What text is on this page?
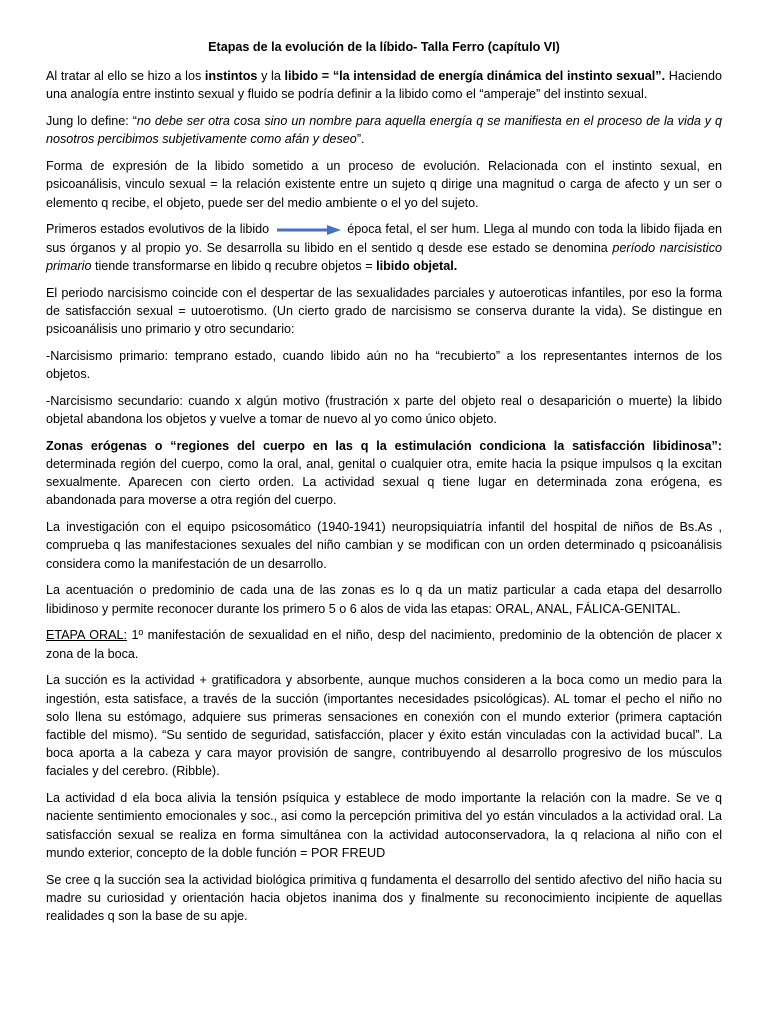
Etapas de la evolución de la líbido- Talla Ferro (capítulo VI)

Al tratar al ello se hizo a los instintos y la libido = “la intensidad de energía dinámica del instinto sexual”. Haciendo una analogía entre instinto sexual y fluido se podría definir a la libido como el “amperaje” del instinto sexual.

Jung lo define: “no debe ser otra cosa sino un nombre para aquella energía q se manifiesta en el proceso de la vida y q nosotros percibimos subjetivamente como afán y deseo”.

Forma de expresión de la libido sometido a un proceso de evolución. Relacionada con el instinto sexual, en psicoanálisis, vinculo sexual = la relación existente entre un sujeto q dirige una magnitud o carga de afecto y un ser o elemento q recibe, el objeto, puede ser del medio ambiente o el yo del sujeto.

Primeros estados evolutivos de la libido	época fetal, el ser hum. Llega al mundo con toda la libido fijada en sus órganos y al propio yo. Se desarrolla su libido en el sentido q desde ese estado se denomina período narcisistico primario tiende transformarse en libido q recubre objetos = libido objetal.

El periodo narcisismo coincide con el despertar de las sexualidades parciales y autoeroticas infantiles, por eso la forma de satisfacción sexual = uutoerotismo. (Un cierto grado de narcisismo se conserva durante la vida). Se distingue en psicoanálisis uno primario y otro secundario:

-Narcisismo primario: temprano estado, cuando libido aún no ha “recubierto” a los representantes internos de los objetos.

-Narcisismo secundario: cuando x algún motivo (frustración x parte del objeto real o desaparición o muerte) la libido objetal abandona los objetos y vuelve a tomar de nuevo al yo como único objeto.

Zonas erógenas o “regiones del cuerpo en las q la estimulación condiciona la satisfacción libidinosa”: determinada región del cuerpo, como la oral, anal, genital o cualquier otra, emite hacia la psique impulsos q la excitan sexualmente. Aparecen con cierto orden. La actividad sexual q tiene lugar en determinada zona erógena, es abandonada para moverse a otra región del cuerpo.

La investigación con el equipo psicosomático (1940-1941) neuropsiquiatría infantil del hospital de niños de Bs.As , comprueba q las manifestaciones sexuales del niño cambian y se modifican con un orden determinado q psicoanálisis considera como la manifestación de un desarrollo.

La acentuación o predominio de cada una de las zonas es lo q da un matiz particular a cada etapa del desarrollo libidinoso y permite reconocer durante los primero 5 o 6 alos de vida las etapas: ORAL, ANAL, FÁLICA-GENITAL.

ETAPA ORAL: 1º manifestación de sexualidad en el niño, desp del nacimiento, predominio de la obtención de placer x zona de la boca.

La succión es la actividad + gratificadora y absorbente, aunque muchos consideren a la boca como un medio para la ingestión, esta satisface, a través de la succión (importantes necesidades psicológicas). AL tomar el pecho el niño no solo llena su estómago, adquiere sus primeras sensaciones en conexión con el mundo exterior (primera captación factible del mismo). “Su sentido de seguridad, satisfacción, placer y éxito están vinculadas con la actividad bucal”. La boca aporta a la cabeza y cara mayor provisión de sangre, contribuyendo al desarrollo progresivo de los músculos faciales y del cerebro. (Ribble).

La actividad d ela boca alivia la tensión psíquica y establece de modo importante la relación con la madre. Se ve q naciente sentimiento emocionales y soc., asi como la percepción primitiva del yo están vinculados a la actividad oral. La satisfacción sexual se realiza en forma simultánea con la actividad autoconservadora, la q relaciona al niño con el mundo exterior, concepto de la doble función = POR FREUD

Se cree q la succión sea la actividad biológica primitiva q fundamenta el desarrollo del sentido afectivo del niño hacia su madre su curiosidad y orientación hacia objetos inanima dos y finalmente su reconocimiento incipiente de aquellas realidades q son la base de su apje.
